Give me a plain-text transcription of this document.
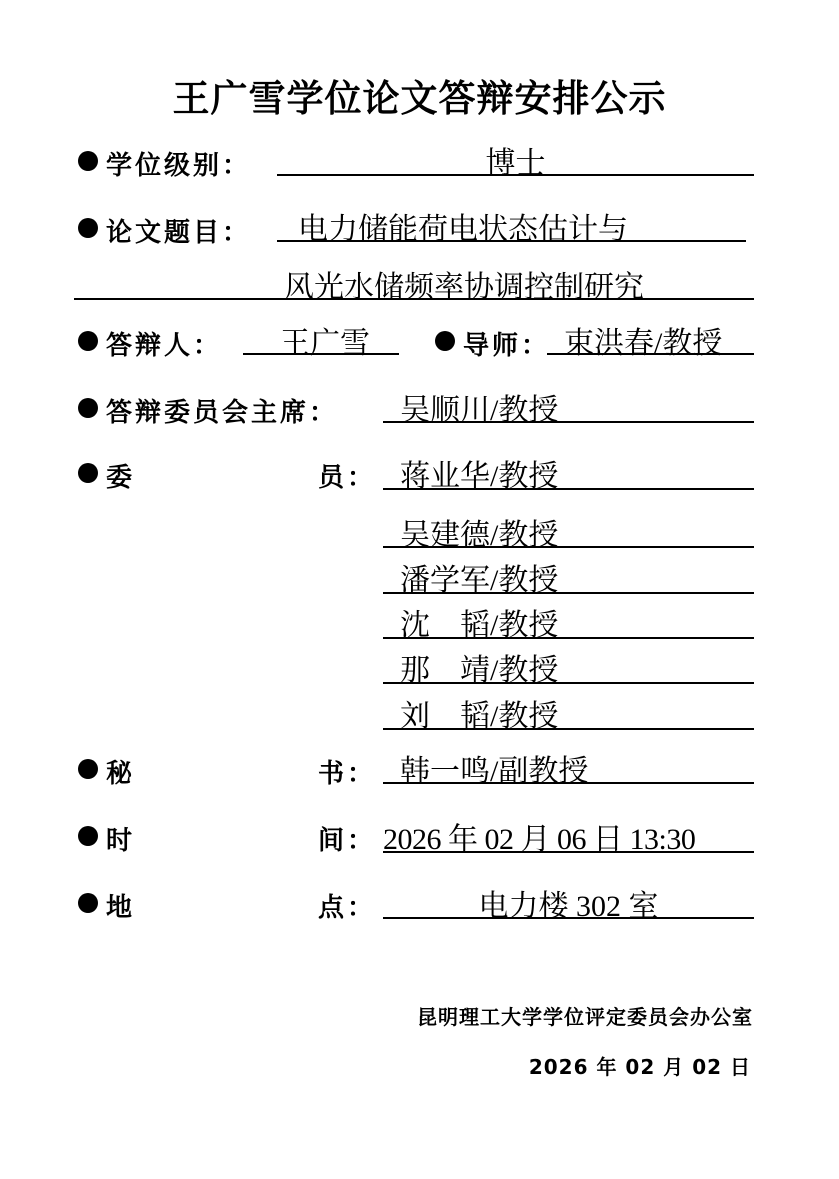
王广雪学位论文答辩安排公示
学位级别：	博士
论文题目： 电力储能荷电状态估计与
风光水储频率协调控制研究
答辩人： 王广雪	导师： 束洪春/教授
答辩委员会主席： 吴顺川/教授
委	员： 蒋业华/教授
吴建德/教授
潘学军/教授
沈　韬/教授
那　靖/教授
刘　韬/教授
秘	书： 韩一鸣/副教授
时	间： 2026 年 02 月 06 日 13:30
地	点：	电力楼 302 室
昆明理工大学学位评定委员会办公室
2026 年 02 月 02 日
